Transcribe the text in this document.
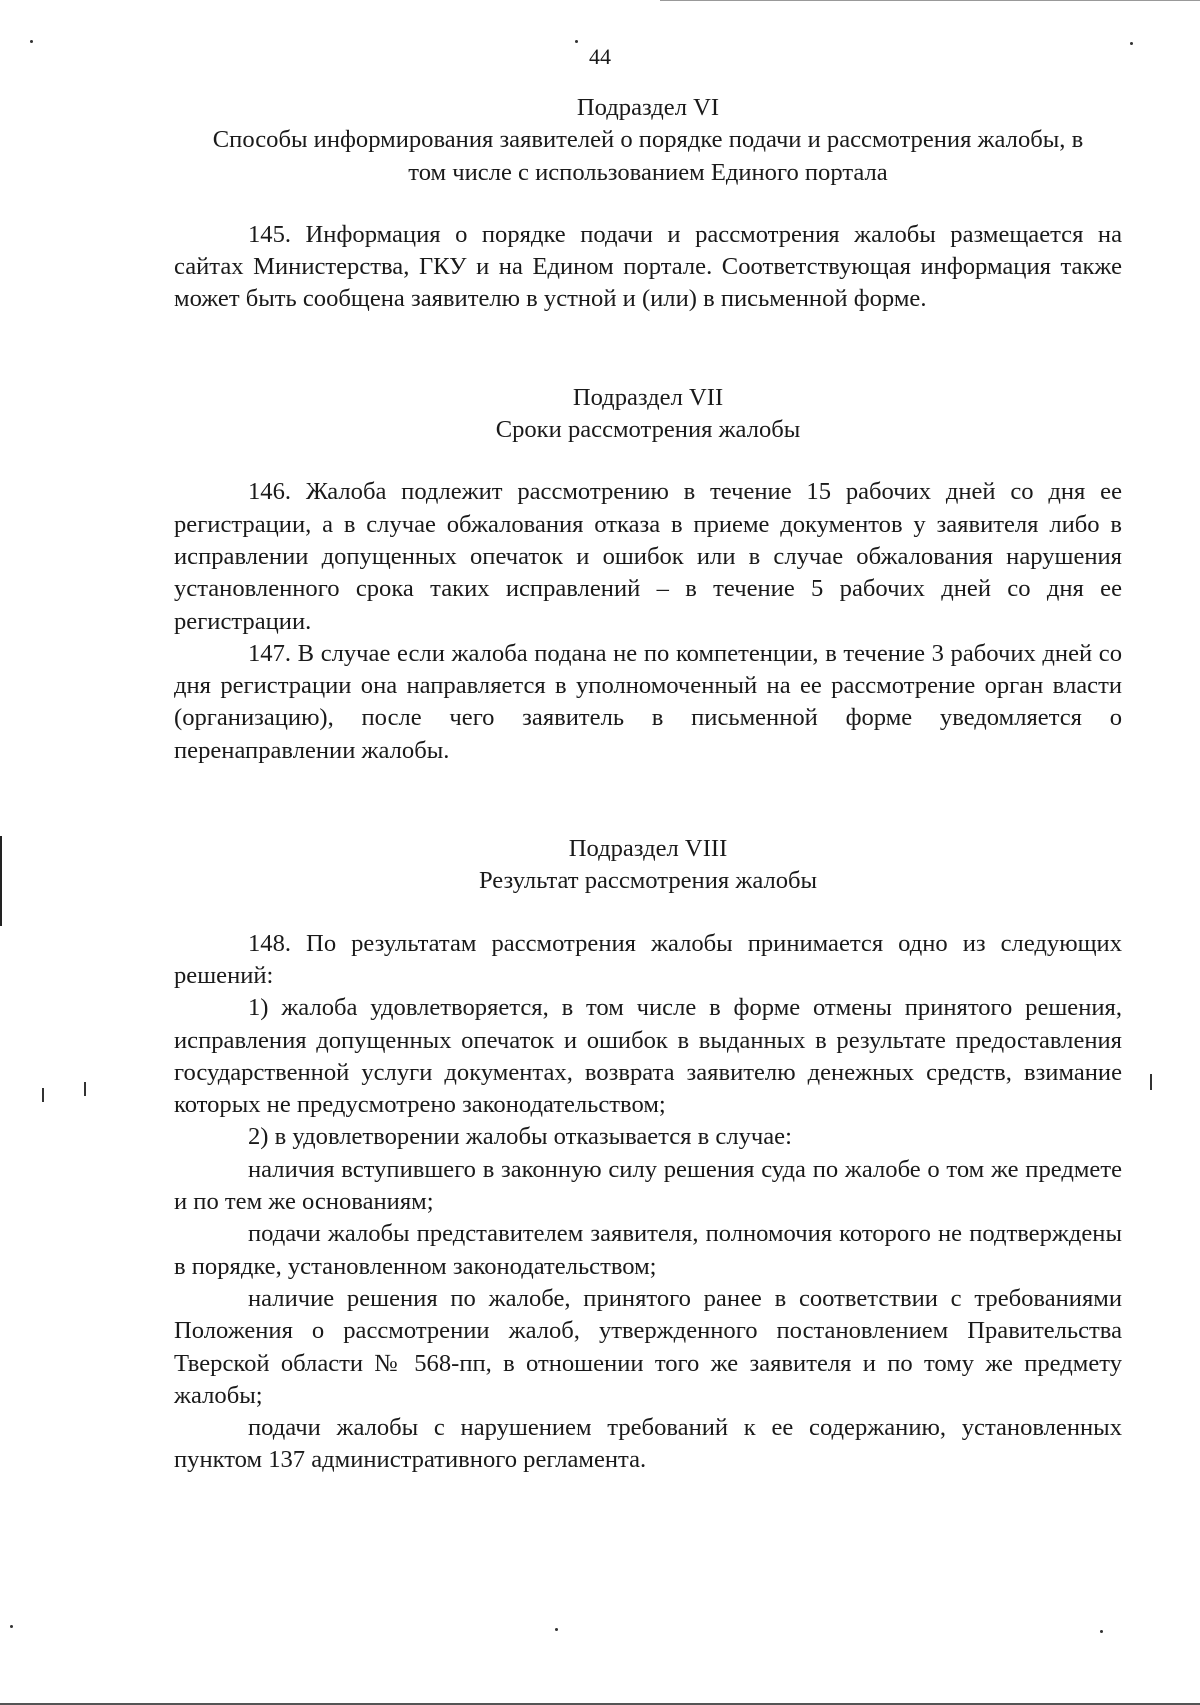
44
Подраздел VI
Способы информирования заявителей о порядке подачи и рассмотрения жалобы, в том числе с использованием Единого портала

145. Информация о порядке подачи и рассмотрения жалобы размещается на сайтах Министерства, ГКУ и на Едином портале. Соответствующая информация также может быть сообщена заявителю в устной и (или) в письменной форме.

Подраздел VII
Сроки рассмотрения жалобы

146. Жалоба подлежит рассмотрению в течение 15 рабочих дней со дня ее регистрации, а в случае обжалования отказа в приеме документов у заявителя либо в исправлении допущенных опечаток и ошибок или в случае обжалования нарушения установленного срока таких исправлений – в течение 5 рабочих дней со дня ее регистрации.

147. В случае если жалоба подана не по компетенции, в течение 3 рабочих дней со дня регистрации она направляется в уполномоченный на ее рассмотрение орган власти (организацию), после чего заявитель в письменной форме уведомляется о перенаправлении жалобы.

Подраздел VIII
Результат рассмотрения жалобы

148. По результатам рассмотрения жалобы принимается одно из следующих решений:

1) жалоба удовлетворяется, в том числе в форме отмены принятого решения, исправления допущенных опечаток и ошибок в выданных в результате предоставления государственной услуги документах, возврата заявителю денежных средств, взимание которых не предусмотрено законодательством;

2) в удовлетворении жалобы отказывается в случае:

наличия вступившего в законную силу решения суда по жалобе о том же предмете и по тем же основаниям;

подачи жалобы представителем заявителя, полномочия которого не подтверждены в порядке, установленном законодательством;

наличие решения по жалобе, принятого ранее в соответствии с требованиями Положения о рассмотрении жалоб, утвержденного постановлением Правительства Тверской области № 568-пп, в отношении того же заявителя и по тому же предмету жалобы;

подачи жалобы с нарушением требований к ее содержанию, установленных пунктом 137 административного регламента.
